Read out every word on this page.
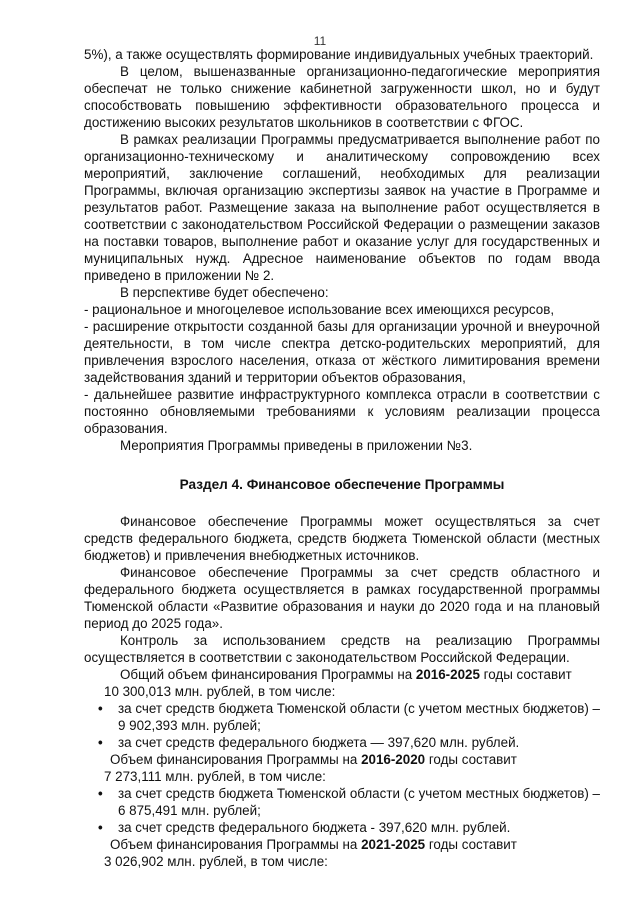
11

5%), а также осуществлять формирование индивидуальных учебных траекторий.

В целом, вышеназванные организационно-педагогические мероприятия обеспечат не только снижение кабинетной загруженности школ, но и будут способствовать повышению эффективности образовательного процесса и достижению высоких результатов школьников в соответствии с ФГОС.

В рамках реализации Программы предусматривается выполнение работ по организационно-техническому и аналитическому сопровождению всех мероприятий, заключение соглашений, необходимых для реализации Программы, включая организацию экспертизы заявок на участие в Программе и результатов работ. Размещение заказа на выполнение работ осуществляется в соответствии с законодательством Российской Федерации о размещении заказов на поставки товаров, выполнение работ и оказание услуг для государственных и муниципальных нужд. Адресное наименование объектов по годам ввода приведено в приложении № 2.

В перспективе будет обеспечено:

- рациональное и многоцелевое использование всех имеющихся ресурсов,

- расширение открытости созданной базы для организации урочной и внеурочной деятельности, в том числе спектра детско-родительских мероприятий, для привлечения взрослого населения, отказа от жёсткого лимитирования времени задействования зданий и территории объектов образования,

- дальнейшее развитие инфраструктурного комплекса отрасли в соответствии с постоянно обновляемыми требованиями к условиям реализации процесса образования.

Мероприятия Программы приведены в приложении №3.

Раздел 4. Финансовое обеспечение Программы

Финансовое обеспечение Программы может осуществляться за счет средств федерального бюджета, средств бюджета Тюменской области (местных бюджетов) и привлечения внебюджетных источников.

Финансовое обеспечение Программы за счет средств областного и федерального бюджета осуществляется в рамках государственной программы Тюменской области «Развитие образования и науки до 2020 года и на плановый период до 2025 года».

Контроль за использованием средств на реализацию Программы осуществляется в соответствии с законодательством Российской Федерации.

Общий объем финансирования Программы на 2016-2025 годы составит

10 300,013 млн. рублей, в том числе:

• за счет средств бюджета Тюменской области (с учетом местных бюджетов) – 9 902,393 млн. рублей;

• за счет средств федерального бюджета — 397,620 млн. рублей.

Объем финансирования Программы на 2016-2020 годы составит

7 273,111 млн. рублей, в том числе:

• за счет средств бюджета Тюменской области (с учетом местных бюджетов) – 6 875,491 млн. рублей;

• за счет средств федерального бюджета - 397,620 млн. рублей.

Объем финансирования Программы на 2021-2025 годы составит

3 026,902 млн. рублей, в том числе:
